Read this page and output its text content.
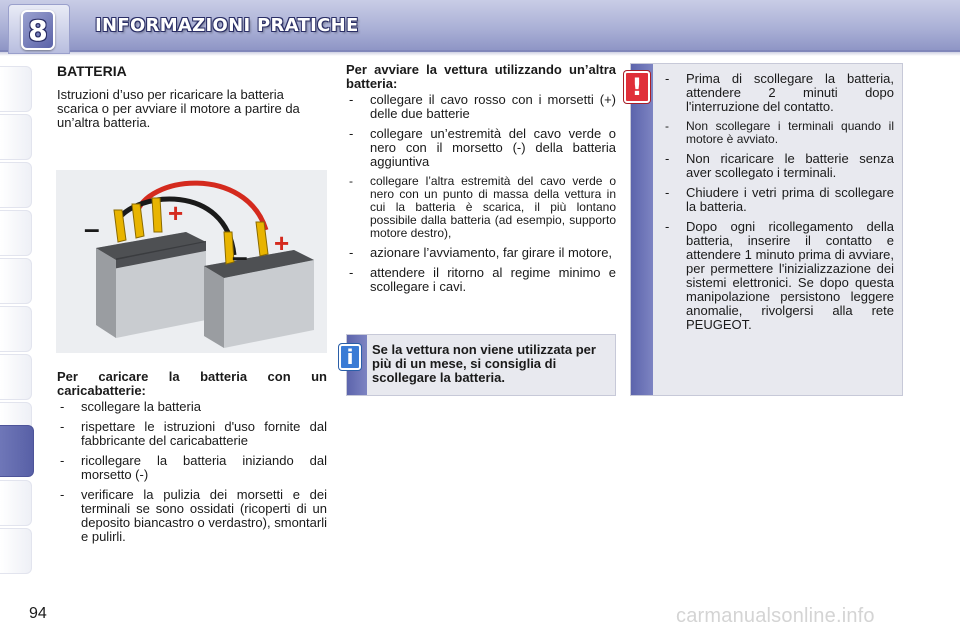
8	INFORMAZIONI PRATICHE
BATTERIA
Istruzioni d’uso per ricaricare la batteria scarica o per avviare il motore a partire da un’altra batteria.
–	+
– +
Per caricare la batteria con un caricabatterie:
- scollegare la batteria
- rispettare le istruzioni d'uso fornite dal fabbricante del caricabatterie
- ricollegare la batteria iniziando dal morsetto (-)
- verificare la pulizia dei morsetti e dei terminali se sono ossidati (ricoperti di un deposito biancastro o verdastro), smontarli e pulirli.
Per avviare la vettura utilizzando un’altra batteria:
- collegare il cavo rosso con i morsetti (+) delle due batterie
- collegare un’estremità del cavo verde o nero con il morsetto (-) della batteria aggiuntiva
- collegare l’altra estremità del cavo verde o nero con un punto di massa della vettura in cui la batteria è scarica, il più lontano possibile dalla batteria (ad esempio, supporto motore destro),
- azionare l’avviamento, far girare il motore,
- attendere il ritorno al regime minimo e scollegare i cavi.
i	Se la vettura non viene utilizzata per più di un mese, si consiglia di scollegare la batteria.
!
-	Prima di scollegare la batteria, attendere 2 minuti dopo l'interruzione del contatto.
- Non scollegare i terminali quando il motore è avviato.
- Non ricaricare le batterie senza aver scollegato i terminali.
- Chiudere i vetri prima di scollegare la batteria.
- Dopo ogni ricollegamento della batteria, inserire il contatto e attendere 1 minuto prima di avviare, per permettere l'inizializzazione dei sistemi elettronici. Se dopo questa manipolazione persistono leggere anomalie, rivolgersi alla rete PEUGEOT.
94	carmanualsonline.info
